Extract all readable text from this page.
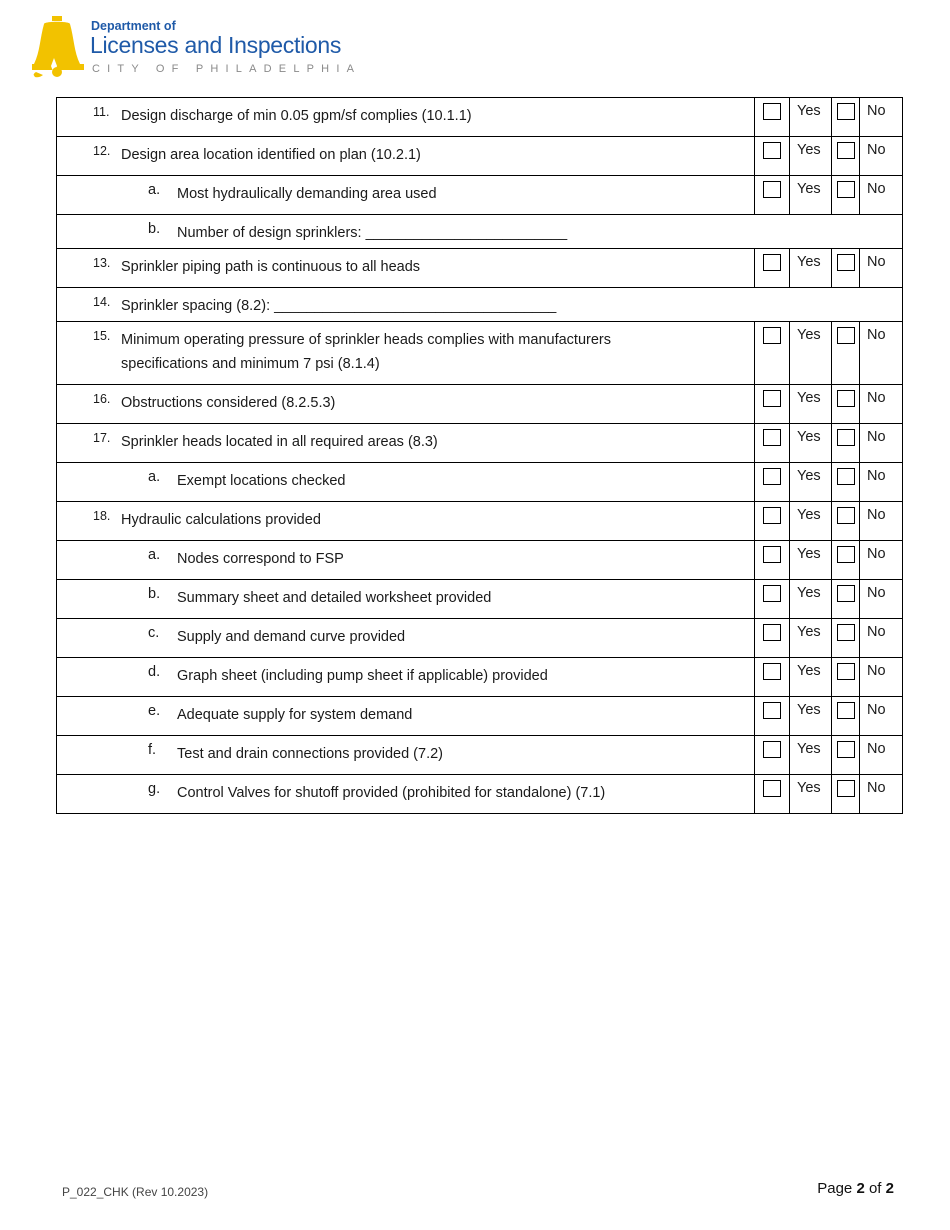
Department of
Licenses and Inspections
CITY OF PHILADELPHIA
11. Design discharge of min 0.05 gpm/sf complies (10.1.1)		Yes		No

12. Design area location identified on plan (10.2.1)		Yes		No

a. Most hydraulically demanding area used		Yes		No

b. Number of design sprinklers: _________________________				

13. Sprinkler piping path is continuous to all heads		Yes		No

14. Sprinkler spacing (8.2): ___________________________________				

15. Minimum operating pressure of sprinkler heads complies with manufacturers specifications and minimum 7 psi (8.1.4)		Yes		No

16. Obstructions considered (8.2.5.3)		Yes		No

17. Sprinkler heads located in all required areas (8.3)		Yes		No

a. Exempt locations checked		Yes		No

18. Hydraulic calculations provided		Yes		No

a. Nodes correspond to FSP		Yes		No

b. Summary sheet and detailed worksheet provided		Yes		No

c. Supply and demand curve provided		Yes		No

d. Graph sheet (including pump sheet if applicable) provided		Yes		No

e. Adequate supply for system demand		Yes		No

f. Test and drain connections provided (7.2)		Yes		No

g. Control Valves for shutoff provided (prohibited for standalone) (7.1)		Yes		No
P_022_CHK (Rev 10.2023)	Page 2 of 2
